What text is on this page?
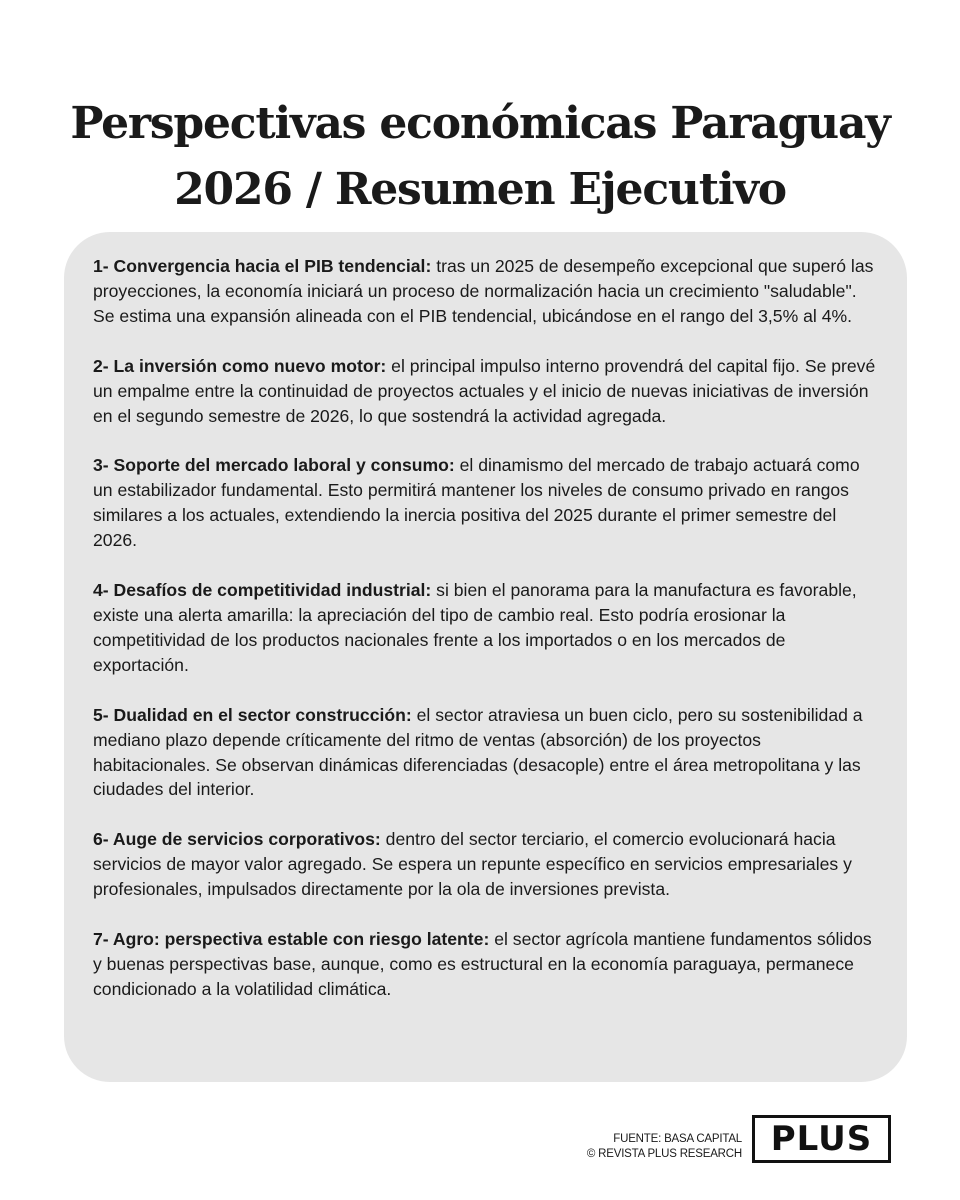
Perspectivas económicas Paraguay
2026 / Resumen Ejecutivo

1- Convergencia hacia el PIB tendencial: tras un 2025 de desempeño excepcional que superó las proyecciones, la economía iniciará un proceso de normalización hacia un crecimiento "saludable". Se estima una expansión alineada con el PIB tendencial, ubicándose en el rango del 3,5% al 4%.

2- La inversión como nuevo motor: el principal impulso interno provendrá del capital fijo. Se prevé un empalme entre la continuidad de proyectos actuales y el inicio de nuevas iniciativas de inversión en el segundo semestre de 2026, lo que sostendrá la actividad agregada.

3- Soporte del mercado laboral y consumo: el dinamismo del mercado de trabajo actuará como un estabilizador fundamental. Esto permitirá mantener los niveles de consumo privado en rangos similares a los actuales, extendiendo la inercia positiva del 2025 durante el primer semestre del 2026.

4- Desafíos de competitividad industrial: si bien el panorama para la manufactura es favorable, existe una alerta amarilla: la apreciación del tipo de cambio real. Esto podría erosionar la competitividad de los productos nacionales frente a los importados o en los mercados de exportación.

5- Dualidad en el sector construcción: el sector atraviesa un buen ciclo, pero su sostenibilidad a mediano plazo depende críticamente del ritmo de ventas (absorción) de los proyectos habitacionales. Se observan dinámicas diferenciadas (desacople) entre el área metropolitana y las ciudades del interior.

6- Auge de servicios corporativos: dentro del sector terciario, el comercio evolucionará hacia servicios de mayor valor agregado. Se espera un repunte específico en servicios empresariales y profesionales, impulsados directamente por la ola de inversiones prevista.

7- Agro: perspectiva estable con riesgo latente: el sector agrícola mantiene fundamentos sólidos y buenas perspectivas base, aunque, como es estructural en la economía paraguaya, permanece condicionado a la volatilidad climática.

FUENTE: BASA CAPITAL
© REVISTA PLUS RESEARCH PLUS
